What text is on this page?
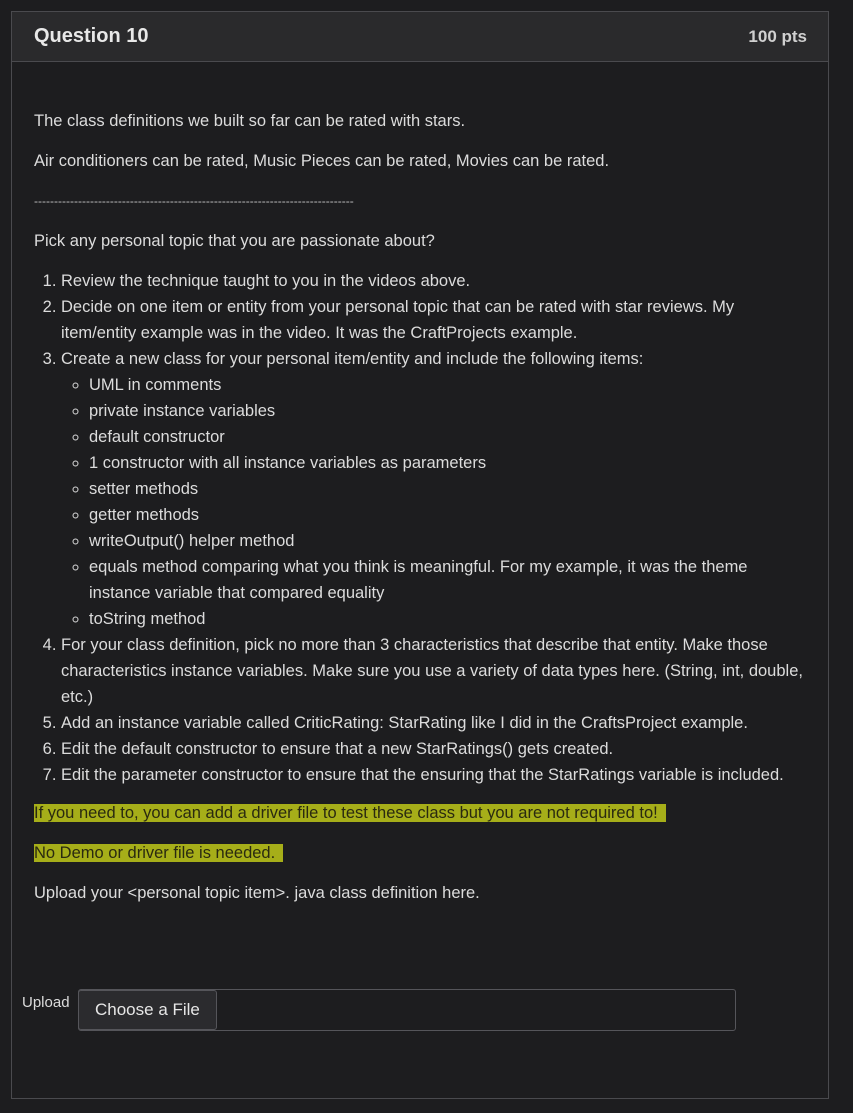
Question 10	100 pts

The class definitions we built so far can be rated with stars.

Air conditioners can be rated, Music Pieces can be rated, Movies can be rated.

--------------------------------------------------------------------------------

Pick any personal topic that you are passionate about?

1. Review the technique taught to you in the videos above.
2. Decide on one item or entity from your personal topic that can be rated with star reviews. My item/entity example was in the video. It was the CraftProjects example.
3. Create a new class for your personal item/entity and include the following items:
◦ UML in comments
◦ private instance variables
◦ default constructor
◦ 1 constructor with all instance variables as parameters
◦ setter methods
◦ getter methods
◦ writeOutput() helper method
◦ equals method comparing what you think is meaningful. For my example, it was the theme instance variable that compared equality
◦ toString method
4. For your class definition, pick no more than 3 characteristics that describe that entity. Make those characteristics instance variables. Make sure you use a variety of data types here. (String, int, double, etc.)
5. Add an instance variable called CriticRating: StarRating like I did in the CraftsProject example.
6. Edit the default constructor to ensure that a new StarRatings() gets created.
7. Edit the parameter constructor to ensure that the ensuring that the StarRatings variable is included.

If you need to, you can add a driver file to test these class but you are not required to!

No Demo or driver file is needed.

Upload your <personal topic item>. java class definition here.

Upload	Choose a File
